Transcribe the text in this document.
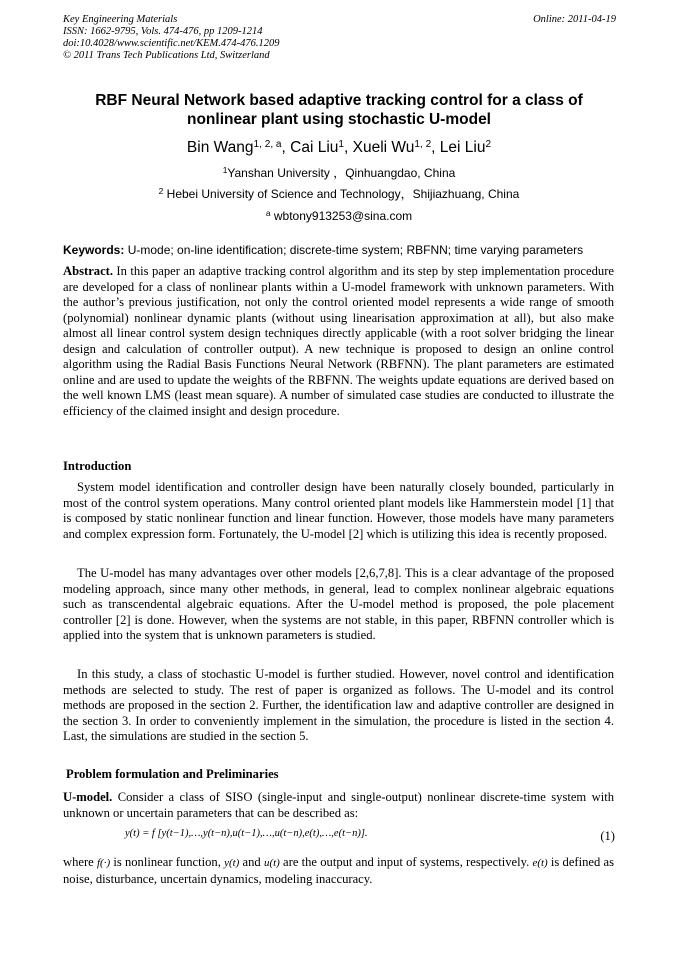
Key Engineering Materials
ISSN: 1662-9795, Vols. 474-476, pp 1209-1214
doi:10.4028/www.scientific.net/KEM.474-476.1209
© 2011 Trans Tech Publications Ltd, Switzerland
Online: 2011-04-19
RBF Neural Network based adaptive tracking control for a class of
nonlinear plant using stochastic U-model
Bin Wang$^{1, 2, a}$, Cai Liu$^1$, Xueli Wu$^{1, 2}$, Lei Liu$^2$
$^1$Yanshan University ，Qinhuangdao, China
$^2$ Hebei University of Science and Technology，Shijiazhuang, China
$^a$ wbtony913253@sina.com
Keywords: U-mode; on-line identification; discrete-time system; RBFNN; time varying parameters
Abstract. In this paper an adaptive tracking control algorithm and its step by step implementation procedure are developed for a class of nonlinear plants within a U-model framework with unknown parameters. With the author’s previous justification, not only the control oriented model represents a wide range of smooth (polynomial) nonlinear dynamic plants (without using linearisation approximation at all), but also make almost all linear control system design techniques directly applicable (with a root solver bridging the linear design and calculation of controller output). A new technique is proposed to design an online control algorithm using the Radial Basis Functions Neural Network (RBFNN). The plant parameters are estimated online and are used to update the weights of the RBFNN. The weights update equations are derived based on the well known LMS (least mean square). A number of simulated case studies are conducted to illustrate the efficiency of the claimed insight and design procedure.
Introduction
System model identification and controller design have been naturally closely bounded, particularly in most of the control system operations. Many control oriented plant models like Hammerstein model [1] that is composed by static nonlinear function and linear function. However, those models have many parameters and complex expression form. Fortunately, the U-model [2] which is utilizing this idea is recently proposed.
The U-model has many advantages over other models [2,6,7,8]. This is a clear advantage of the proposed modeling approach, since many other methods, in general, lead to complex nonlinear algebraic equations such as transcendental algebraic equations. After the U-model method is proposed, the pole placement controller [2] is done. However, when the systems are not stable, in this paper, RBFNN controller which is applied into the system that is unknown parameters is studied.
In this study, a class of stochastic U-model is further studied. However, novel control and identification methods are selected to study. The rest of paper is organized as follows. The U-model and its control methods are proposed in the section 2. Further, the identification law and adaptive controller are designed in the section 3. In order to conveniently implement in the simulation, the procedure is listed in the section 4. Last, the simulations are studied in the section 5.
Problem formulation and Preliminaries
U-model. Consider a class of SISO (single-input and single-output) nonlinear discrete-time system with unknown or uncertain parameters that can be described as:
y(t) = f [y(t−1),…,y(t−n),u(t−1),…,u(t−n),e(t),…,e(t−n)].	(1)
where f(·) is nonlinear function, y(t) and u(t) are the output and input of systems, respectively. e(t) is defined as noise, disturbance, uncertain dynamics, modeling inaccuracy.
